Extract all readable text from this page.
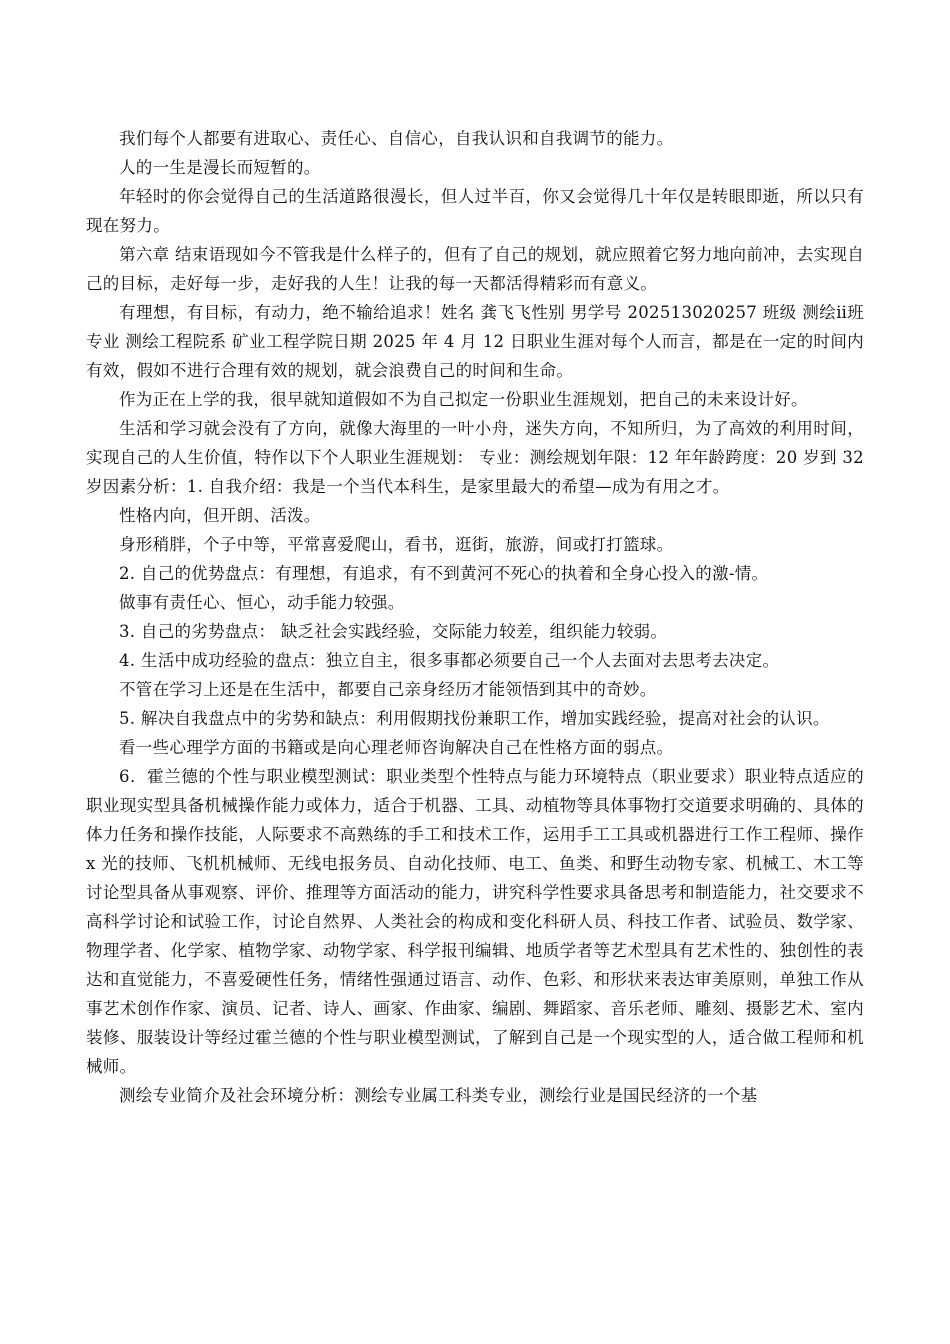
我们每个人都要有进取心、责任心、自信心，自我认识和自我调节的能力。

人的一生是漫长而短暂的。

年轻时的你会觉得自己的生活道路很漫长，但人过半百，你又会觉得几十年仅是转眼即逝，所以只有现在努力。

第六章 结束语现如今不管我是什么样子的，但有了自己的规划，就应照着它努力地向前冲，去实现自己的目标，走好每一步，走好我的人生！让我的每一天都活得精彩而有意义。

有理想，有目标，有动力，绝不输给追求！姓名 龚飞飞性别 男学号 202513020257 班级 测绘ⅱ班专业 测绘工程院系 矿业工程学院日期 2025 年 4 月 12 日职业生涯对每个人而言，都是在一定的时间内有效，假如不进行合理有效的规划，就会浪费自己的时间和生命。

作为正在上学的我，很早就知道假如不为自己拟定一份职业生涯规划，把自己的未来设计好。

生活和学习就会没有了方向，就像大海里的一叶小舟，迷失方向，不知所归，为了高效的利用时间，实现自己的人生价值，特作以下个人职业生涯规划： 专业：测绘规划年限：12 年年龄跨度：20 岁到 32 岁因素分析：1. 自我介绍：我是一个当代本科生，是家里最大的希望—成为有用之才。

性格内向，但开朗、活泼。

身形稍胖，个子中等，平常喜爱爬山，看书，逛街，旅游，间或打打篮球。

2. 自己的优势盘点：有理想，有追求，有不到黄河不死心的执着和全身心投入的激-情。

做事有责任心、恒心，动手能力较强。

3. 自己的劣势盘点： 缺乏社会实践经验，交际能力较差，组织能力较弱。

4. 生活中成功经验的盘点：独立自主，很多事都必须要自己一个人去面对去思考去决定。

不管在学习上还是在生活中，都要自己亲身经历才能领悟到其中的奇妙。

5. 解决自我盘点中的劣势和缺点：利用假期找份兼职工作，增加实践经验，提高对社会的认识。

看一些心理学方面的书籍或是向心理老师咨询解决自己在性格方面的弱点。

6．霍兰德的个性与职业模型测试：职业类型个性特点与能力环境特点（职业要求）职业特点适应的职业现实型具备机械操作能力或体力，适合于机器、工具、动植物等具体事物打交道要求明确的、具体的体力任务和操作技能，人际要求不高熟练的手工和技术工作，运用手工工具或机器进行工作工程师、操作 x 光的技师、飞机机械师、无线电报务员、自动化技师、电工、鱼类、和野生动物专家、机械工、木工等讨论型具备从事观察、评价、推理等方面活动的能力，讲究科学性要求具备思考和制造能力，社交要求不高科学讨论和试验工作，讨论自然界、人类社会的构成和变化科研人员、科技工作者、试验员、数学家、物理学者、化学家、植物学家、动物学家、科学报刊编辑、地质学者等艺术型具有艺术性的、独创性的表达和直觉能力，不喜爱硬性任务，情绪性强通过语言、动作、色彩、和形状来表达审美原则，单独工作从事艺术创作作家、演员、记者、诗人、画家、作曲家、编剧、舞蹈家、音乐老师、雕刻、摄影艺术、室内装修、服装设计等经过霍兰德的个性与职业模型测试，了解到自己是一个现实型的人，适合做工程师和机械师。

测绘专业简介及社会环境分析：测绘专业属工科类专业，测绘行业是国民经济的一个基
